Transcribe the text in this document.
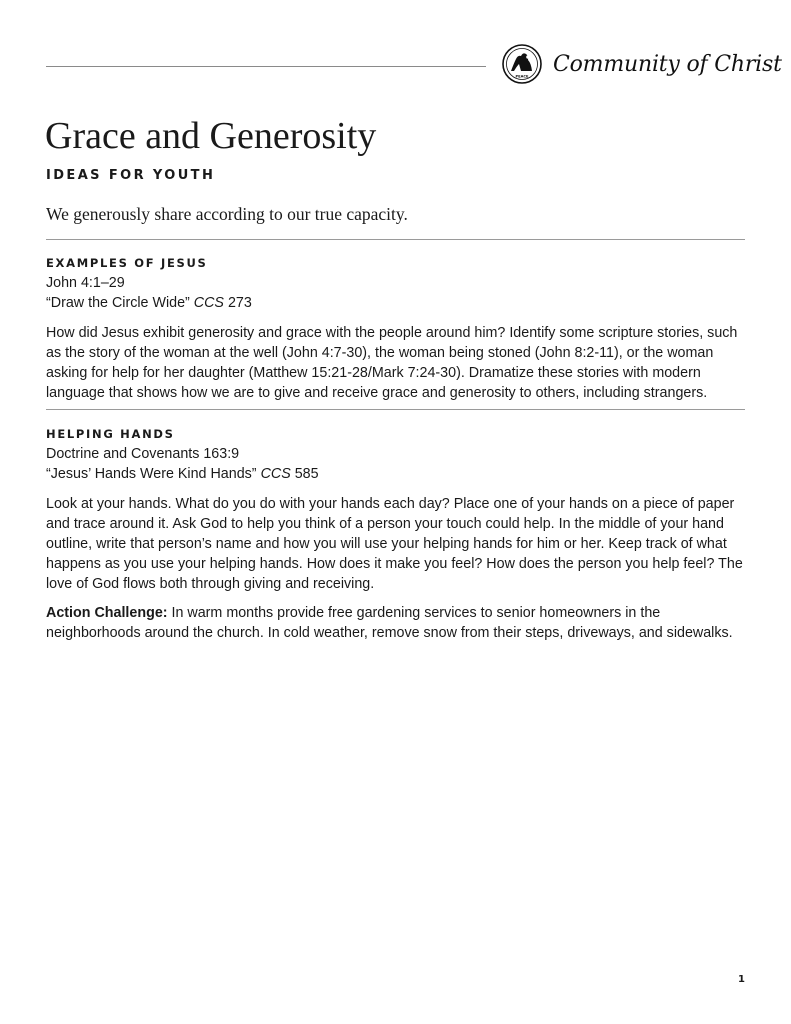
PEACE Community of Christ
Grace and Generosity
IDEAS FOR YOUTH
We generously share according to our true capacity.
EXAMPLES OF JESUS

John 4:1–29

“Draw the Circle Wide” CCS 273

How did Jesus exhibit generosity and grace with the people around him? Identify some scripture stories, such as the story of the woman at the well (John 4:7-30), the woman being stoned (John 8:2-11), or the woman asking for help for her daughter (Matthew 15:21-28/Mark 7:24-30). Dramatize these stories with modern language that shows how we are to give and receive grace and generosity to others, including strangers.

HELPING HANDS

Doctrine and Covenants 163:9

“Jesus’ Hands Were Kind Hands” CCS 585

Look at your hands. What do you do with your hands each day? Place one of your hands on a piece of paper and trace around it. Ask God to help you think of a person your touch could help. In the middle of your hand outline, write that person’s name and how you will use your helping hands for him or her. Keep track of what happens as you use your helping hands. How does it make you feel? How does the person you help feel? The love of God flows both through giving and receiving.

Action Challenge: In warm months provide free gardening services to senior homeowners in the neighborhoods around the church. In cold weather, remove snow from their steps, driveways, and sidewalks.

1
